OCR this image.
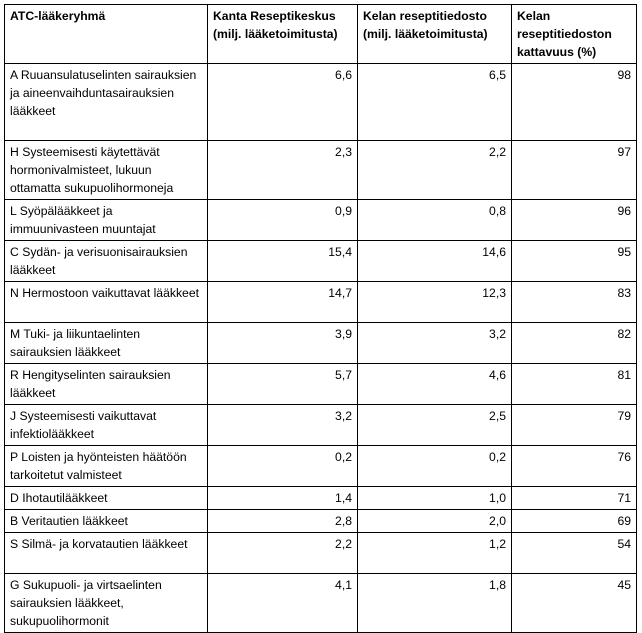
ATC-lääkeryhmä	Kanta Reseptikeskus (milj. lääketoimitusta)	Kelan reseptitiedosto (milj. lääketoimitusta)	Kelan reseptitiedoston kattavuus (%)
A Ruuansulatuselinten sairauksien ja aineenvaihduntasairauksien lääkkeet	6,6	6,5	98
H Systeemisesti käytettävät hormonivalmisteet, lukuun ottamatta sukupuolihormoneja	2,3	2,2	97
L Syöpälääkkeet ja immuunivasteen muuntajat	0,9	0,8	96
C Sydän- ja verisuonisairauksien lääkkeet	15,4	14,6	95
N Hermostoon vaikuttavat lääkkeet	14,7	12,3	83
M Tuki- ja liikuntaelinten sairauksien lääkkeet	3,9	3,2	82
R Hengityselinten sairauksien lääkkeet	5,7	4,6	81
J Systeemisesti vaikuttavat infektiolääkkeet	3,2	2,5	79
P Loisten ja hyönteisten häätöön tarkoitetut valmisteet	0,2	0,2	76
D Ihotautilääkkeet	1,4	1,0	71
B Veritautien lääkkeet	2,8	2,0	69
S Silmä- ja korvatautien lääkkeet	2,2	1,2	54
G Sukupuoli- ja virtsaelinten sairauksien lääkkeet, sukupuolihormonit	4,1	1,8	45
